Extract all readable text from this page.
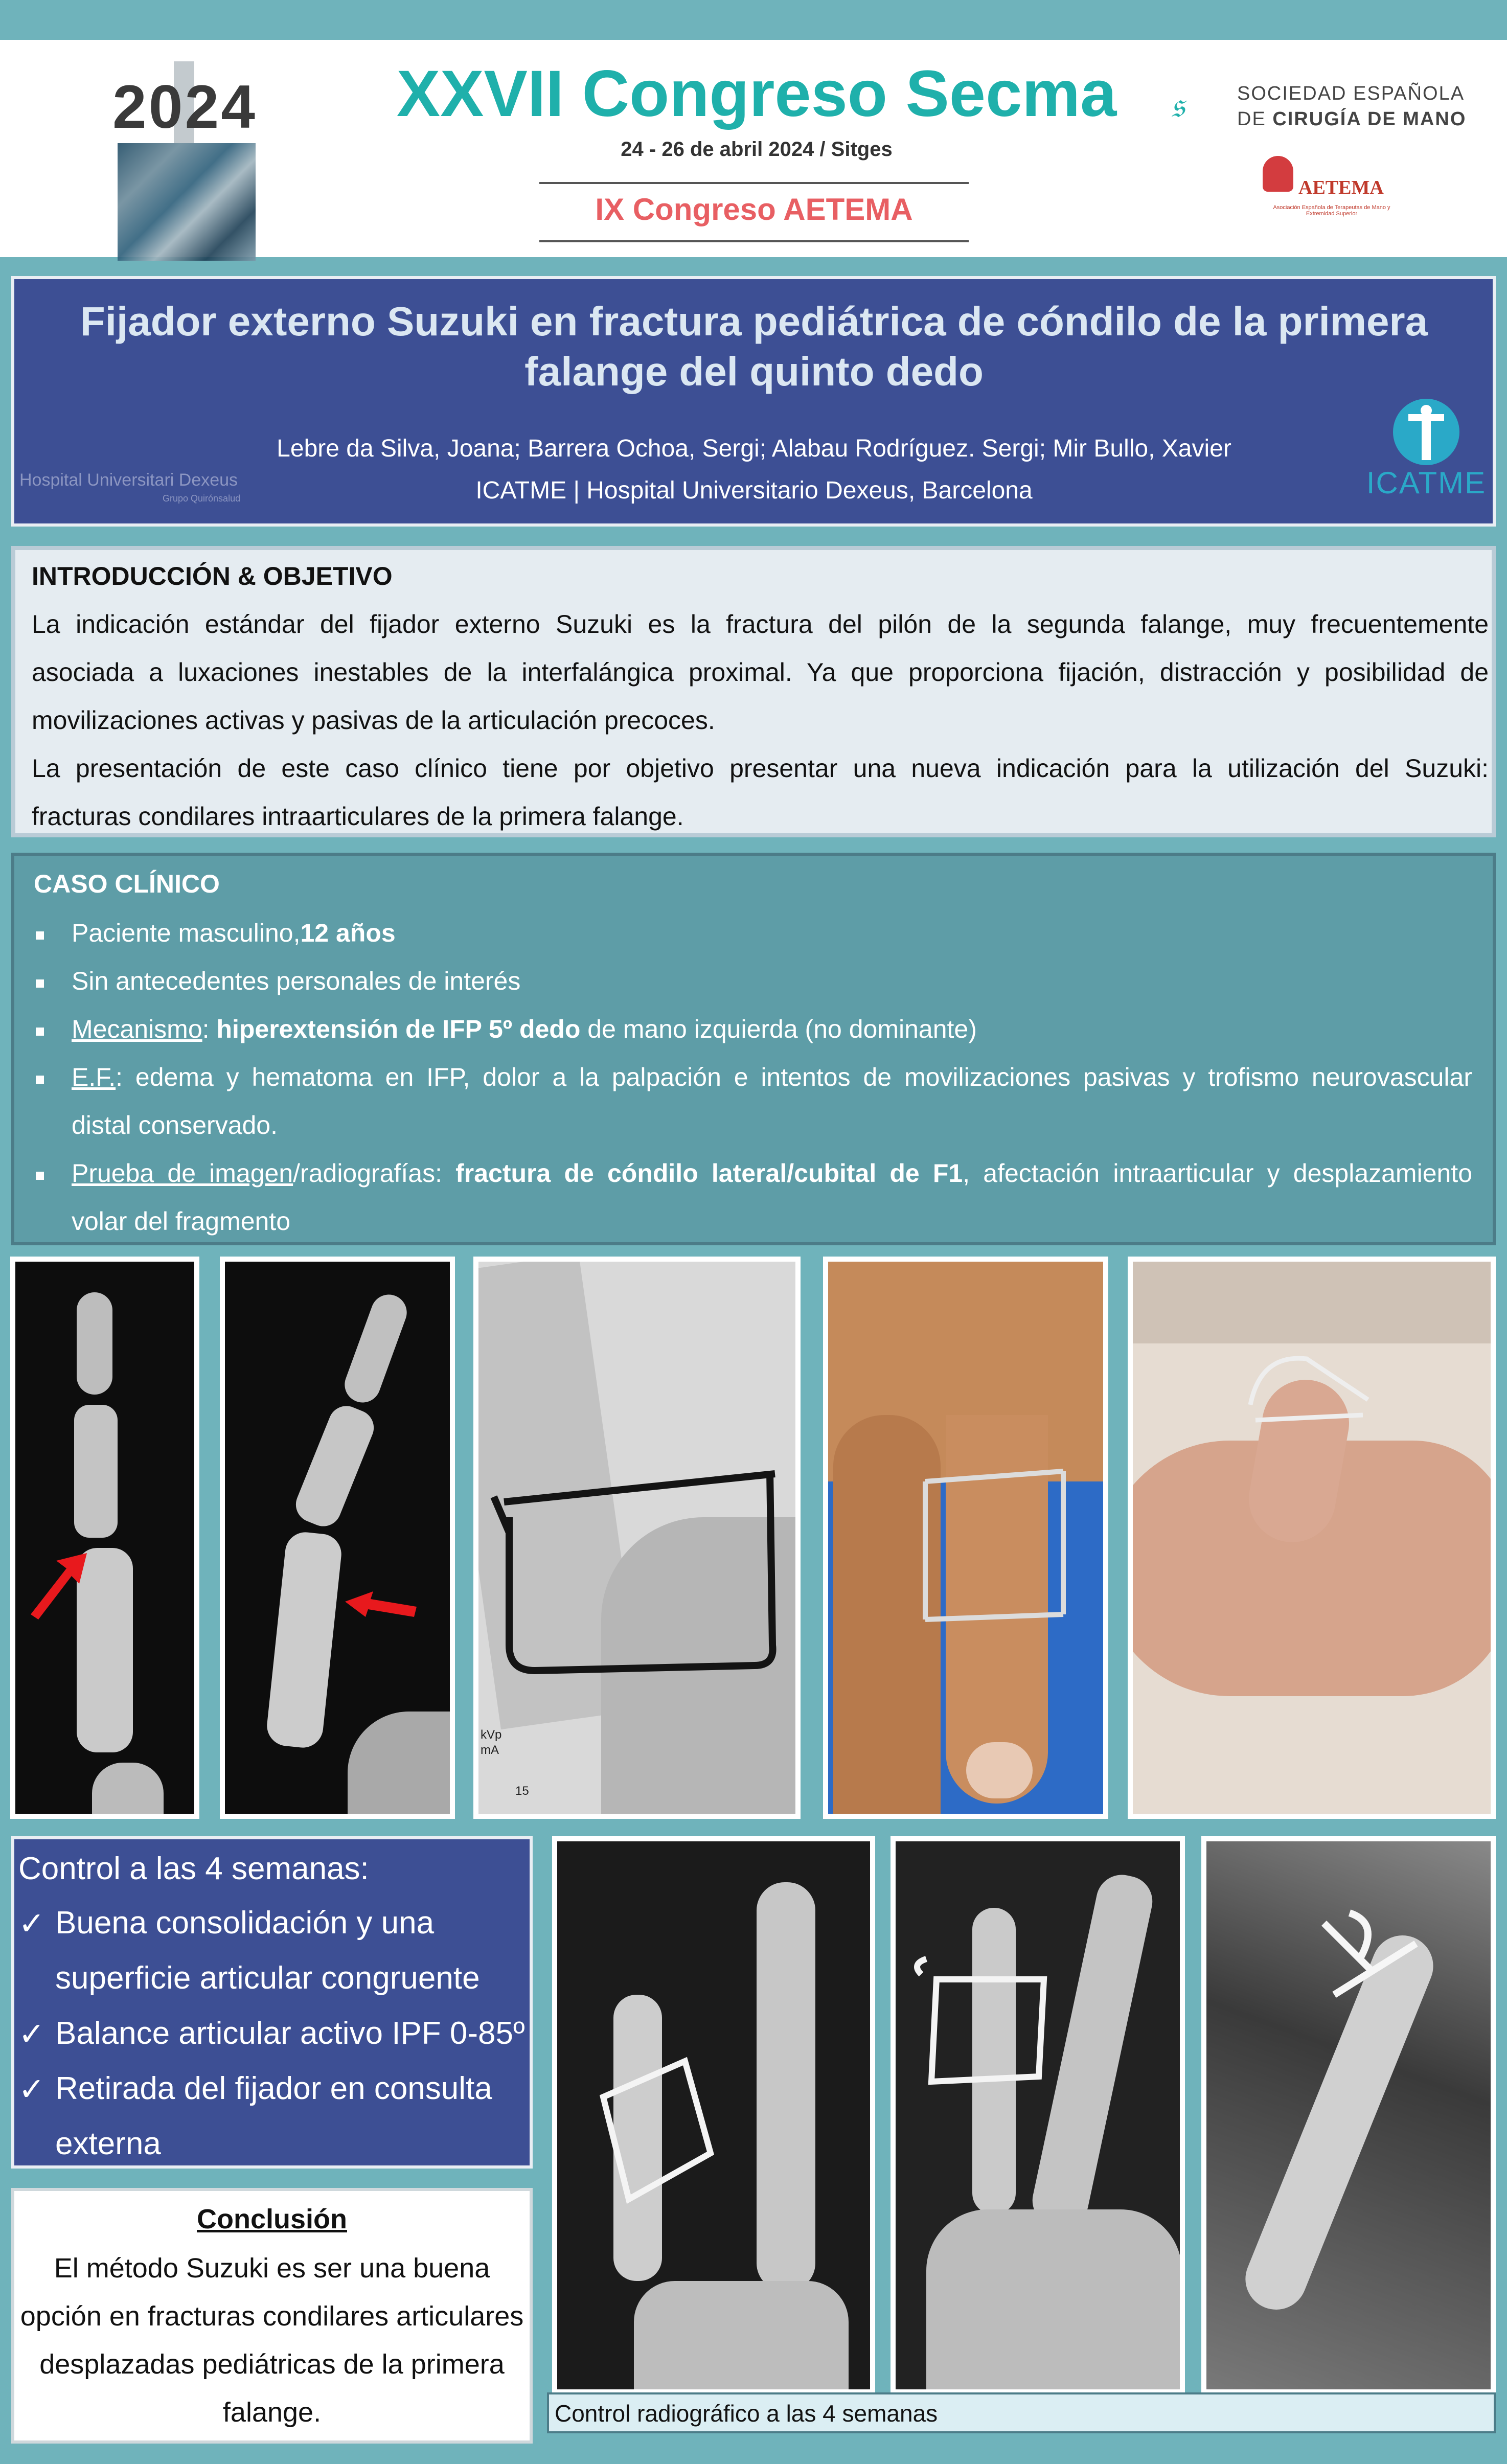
2024	XXVII Congreso Secma
24 - 26 de abril 2024 / Sitges
IX Congreso AETEMA
𝔰	SOCIEDAD ESPAÑOLA
DE CIRUGÍA DE MANO
AETEMA
Asociación Española de Terapeutas de Mano y Extremidad Superior
Fijador externo Suzuki en fractura pediátrica de cóndilo de la primera
falange del quinto dedo
Lebre da Silva, Joana; Barrera Ochoa, Sergi; Alabau Rodríguez. Sergi; Mir Bullo, Xavier
ICATME | Hospital Universitario Dexeus, Barcelona
Hospital Universitari Dexeus
Grupo Quirónsalud	ICATME
INTRODUCCIÓN & OBJETIVO
La indicación estándar del fijador externo Suzuki es la fractura del pilón de la segunda falange, muy frecuentemente
asociada a luxaciones inestables de la interfalángica proximal. Ya que proporciona fijación, distracción y posibilidad de
movilizaciones activas y pasivas de la articulación precoces.
La presentación de este caso clínico tiene por objetivo presentar una nueva indicación para la utilización del Suzuki:
fracturas condilares intraarticulares de la primera falange.
CASO CLÍNICO
Paciente masculino,12 años
Sin antecedentes personales de interés
Mecanismo: hiperextensión de IFP 5º dedo de mano izquierda (no dominante)
E.F.: edema y hematoma en IFP, dolor a la palpación e intentos de movilizaciones pasivas y trofismo neurovascular
distal conservado.
Prueba de imagen/radiografías: fractura de cóndilo lateral/cubital de F1, afectación intraarticular y desplazamiento
volar del fragmento
kVp
mA
15
Control a las 4 semanas:
✓ Buena consolidación y una
superficie articular congruente
✓ Balance articular activo IPF 0-85º
✓ Retirada del fijador en consulta
externa
Conclusión
El método Suzuki es ser una buena
opción en fracturas condilares articulares
desplazadas pediátricas de la primera
falange.	Control radiográfico a las 4 semanas
